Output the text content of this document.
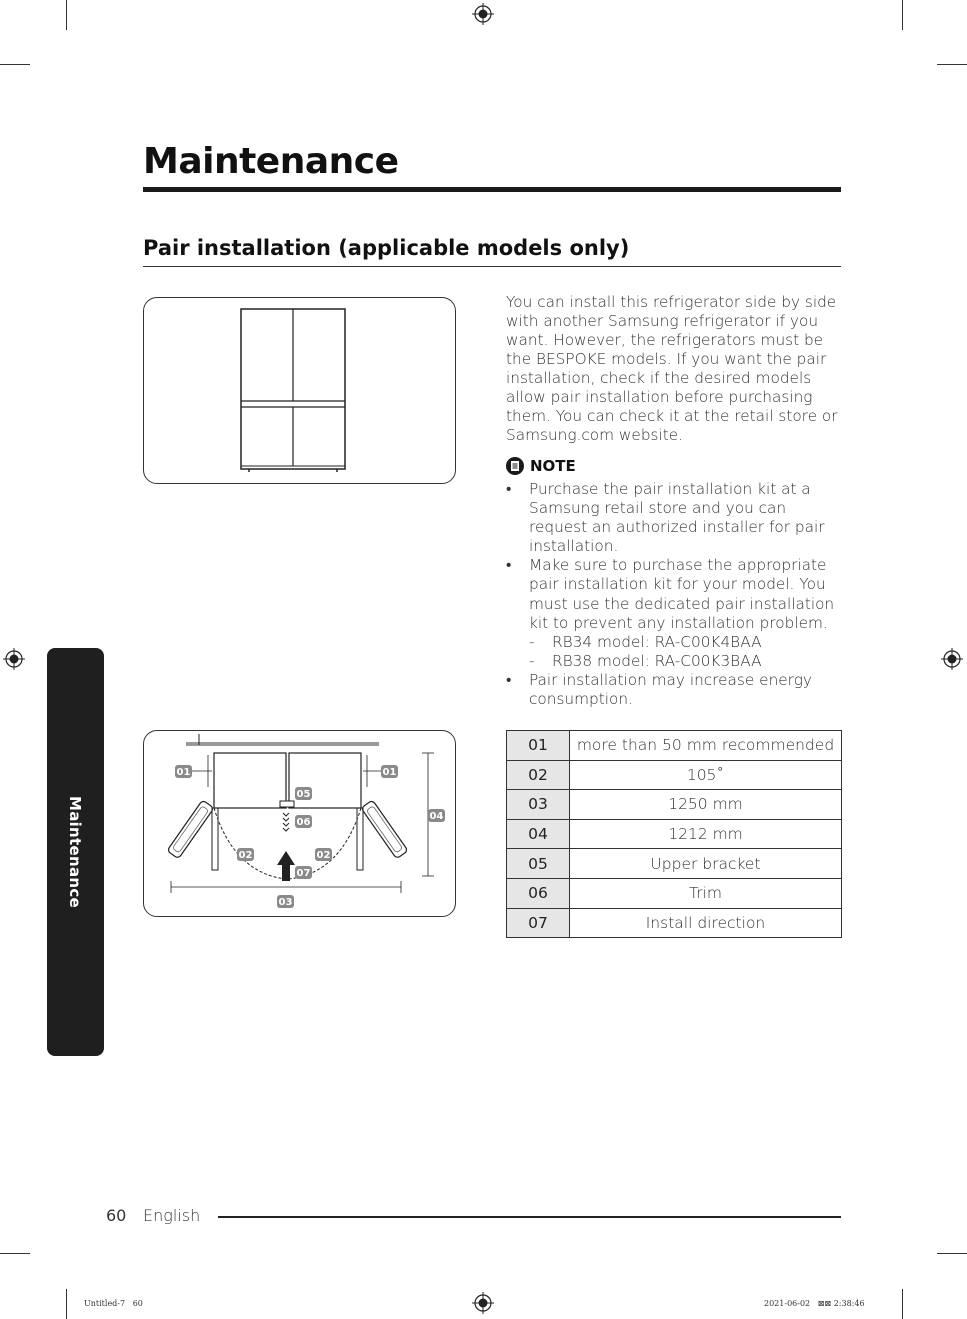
Maintenance
Pair installation (applicable models only)
01	01
02	02
03
04
05
06
07
You can install this refrigerator side by side with another Samsung refrigerator if you want. However, the refrigerators must be the BESPOKE models. If you want the pair installation, check if the desired models allow pair installation before purchasing them. You can check it at the retail store or Samsung.com website.
NOTE
• Purchase the pair installation kit at a Samsung retail store and you can request an authorized installer for pair installation.
• Make sure to purchase the appropriate pair installation kit for your model. You must use the dedicated pair installation kit to prevent any installation problem.
- RB34 model: RA-C00K4BAA
- RB38 model: RA-C00K3BAA
• Pair installation may increase energy consumption.
01	more than 50 mm recommended
02	105˚
03	1250 mm
04	1212 mm
05	Upper bracket
06	Trim
07	Install direction
Maintenance
60 English
Untitled-7   60	2021-06-02   ⊠⊠ 2:38:46
